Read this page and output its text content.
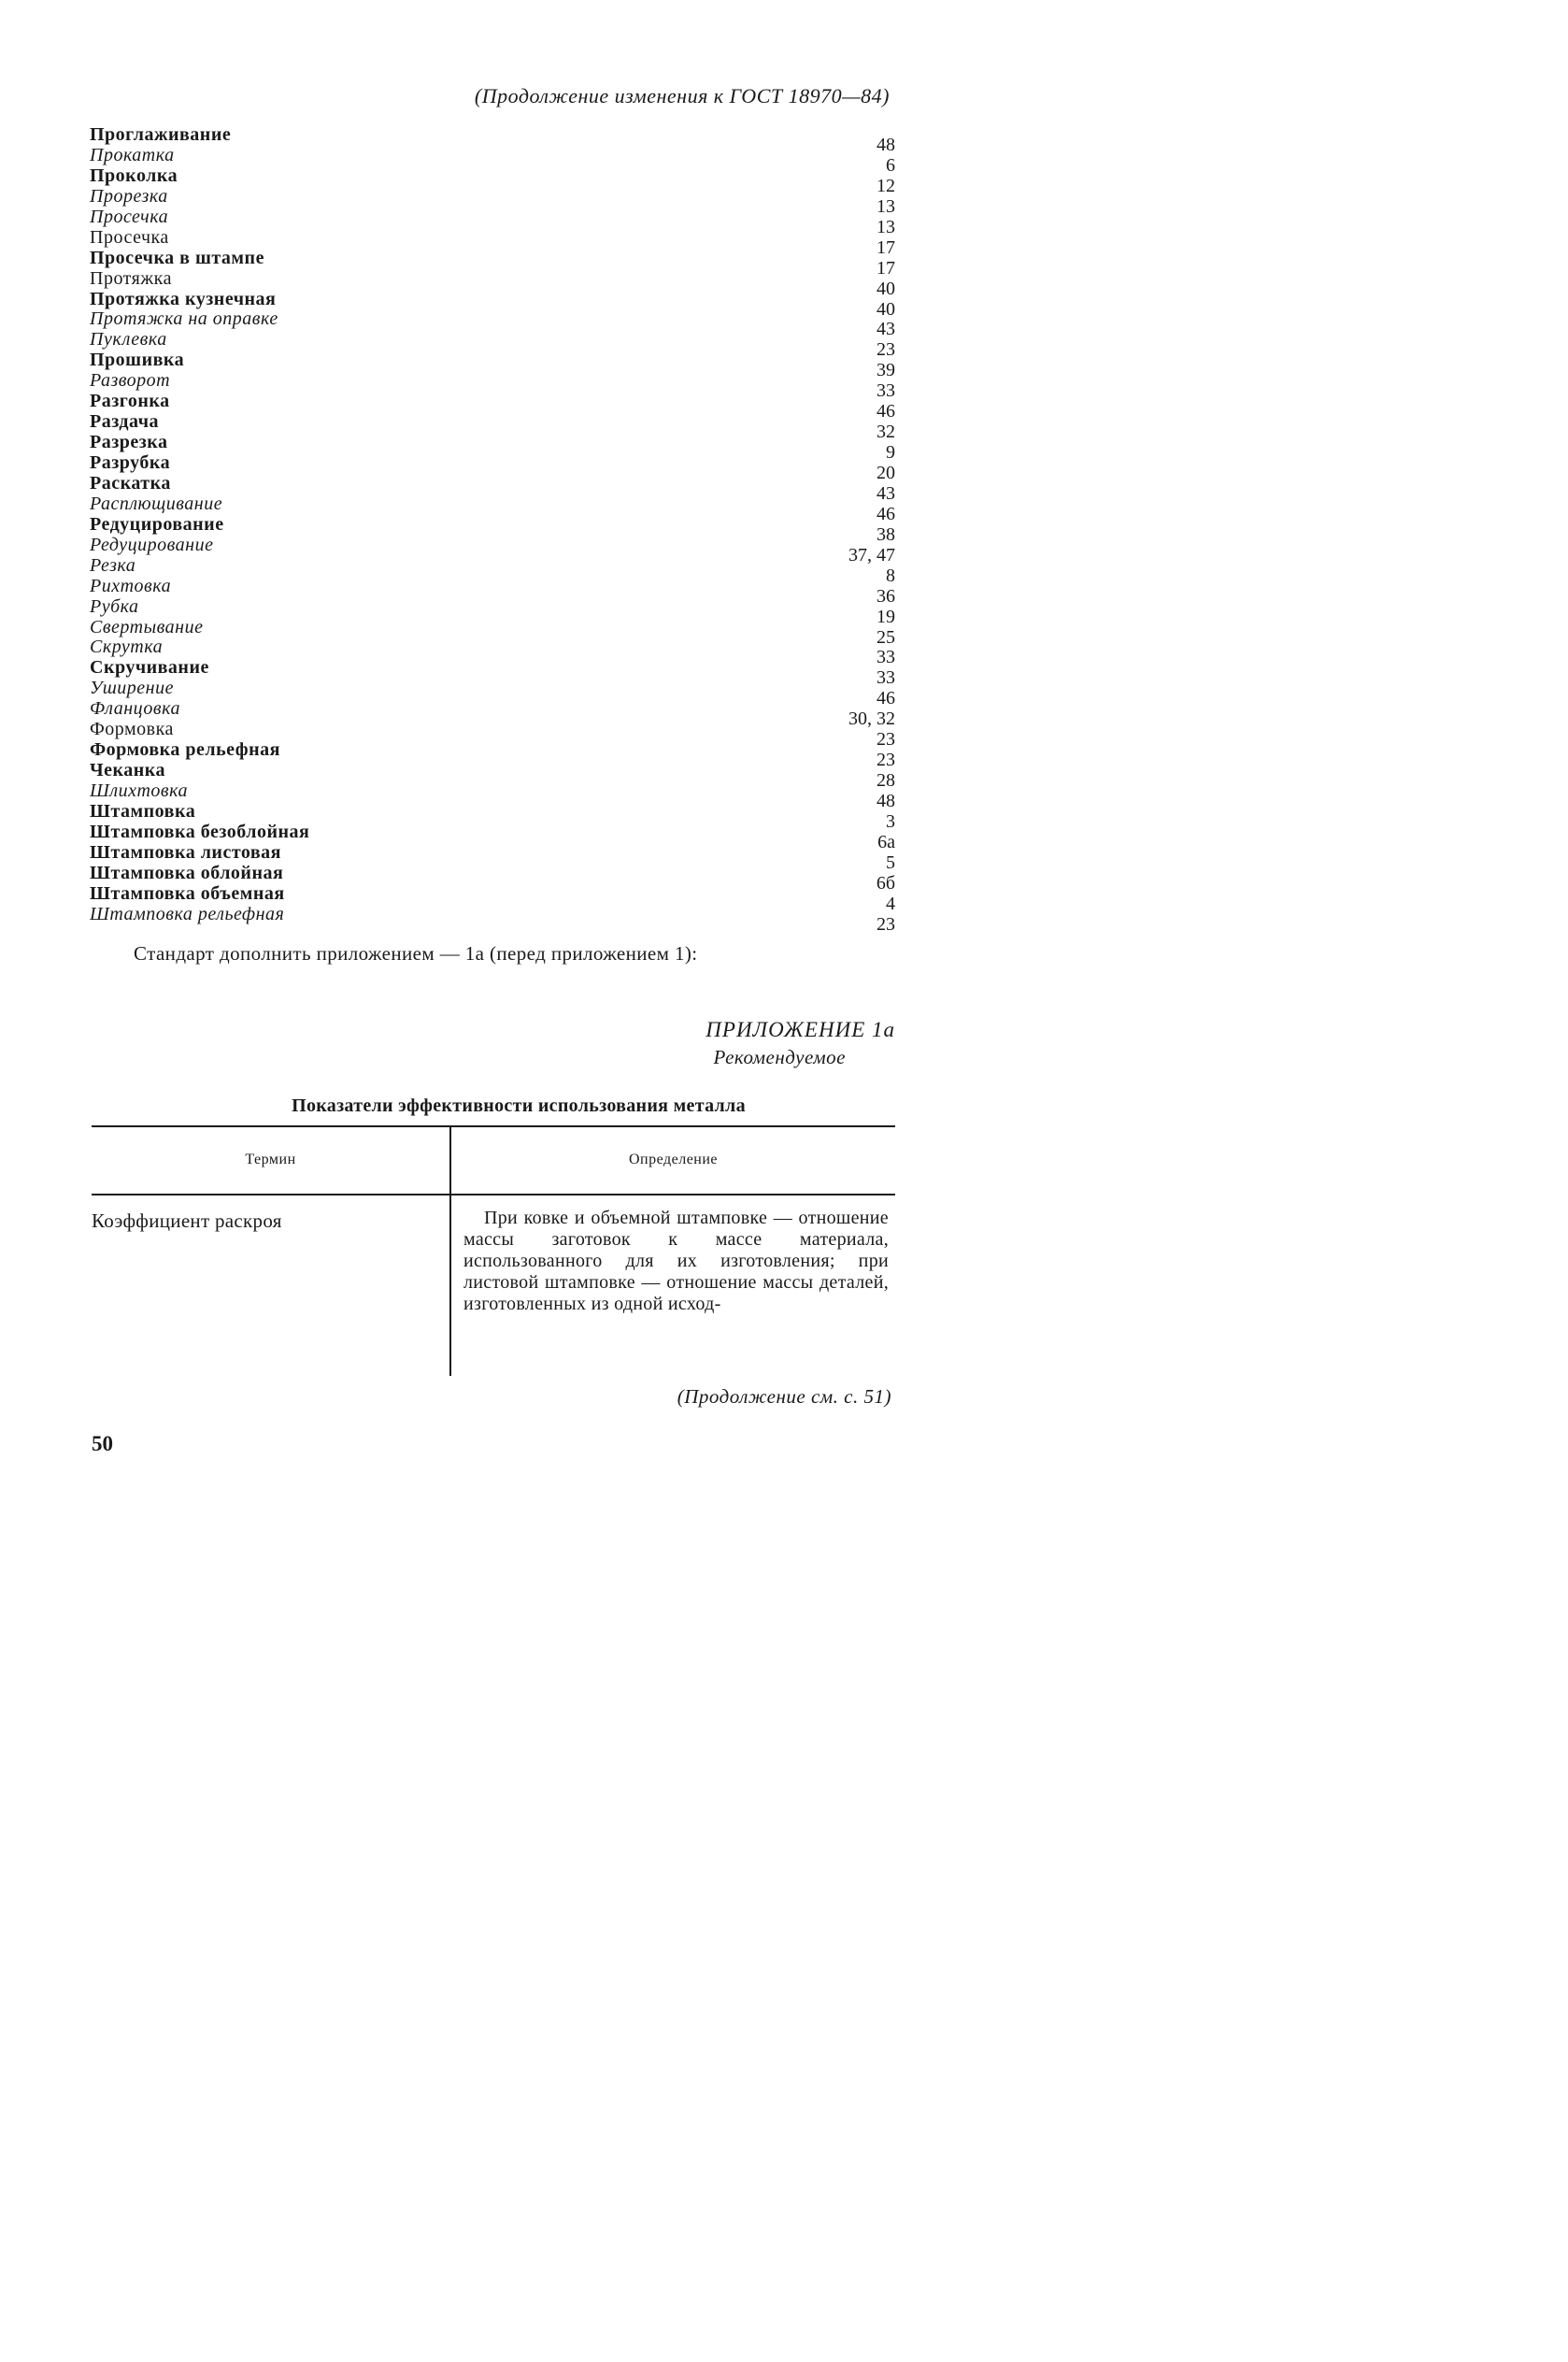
(Продолжение изменения к ГОСТ 18970—84)
Проглаживание	48
Прокатка	6
Проколка	12
Прорезка	13
Просечка	13
Просечка	17
Просечка в штампе	17
Протяжка	40
Протяжка кузнечная	40
Протяжка на оправке	43
Пуклевка	23
Прошивка	39
Разворот	33
Разгонка	46
Раздача	32
Разрезка	9
Разрубка	20
Раскатка	43
Расплющивание	46
Редуцирование	38
Редуцирование	37, 47
Резка	8
Рихтовка	36
Рубка	19
Свертывание	25
Скрутка	33
Скручивание	33
Уширение	46
Фланцовка	30, 32
Формовка	23
Формовка рельефная	23
Чеканка	28
Шлихтовка	48
Штамповка	3
Штамповка безоблойная	6а
Штамповка листовая	5
Штамповка облойная	6б
Штамповка объемная	4
Штамповка рельефная	23
Стандарт дополнить приложением — 1а (перед приложением 1):
ПРИЛОЖЕНИЕ 1а
Рекомендуемое
Показатели эффективности использования металла
Термин	Определение
Коэффициент раскроя	При ковке и объемной штамповке — отношение массы заготовок к массе материала, использованного для их изготовления; при листовой штамповке — отношение массы деталей, изготовленных из одной исход-
(Продолжение см. с. 51)
50
